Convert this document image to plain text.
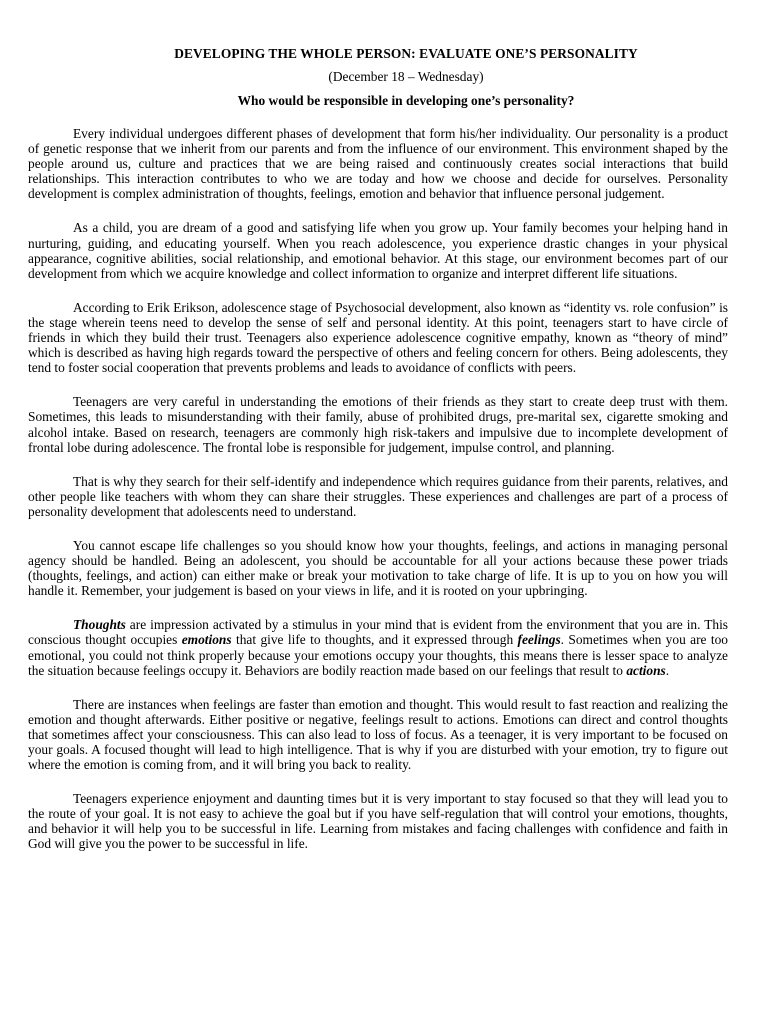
DEVELOPING THE WHOLE PERSON: EVALUATE ONE’S PERSONALITY
(December 18 – Wednesday)
Who would be responsible in developing one’s personality?

Every individual undergoes different phases of development that form his/her individuality. Our personality is a product of genetic response that we inherit from our parents and from the influence of our environment. This environment shaped by the people around us, culture and practices that we are being raised and continuously creates social interactions that build relationships. This interaction contributes to who we are today and how we choose and decide for ourselves. Personality development is complex administration of thoughts, feelings, emotion and behavior that influence personal judgement.

As a child, you are dream of a good and satisfying life when you grow up. Your family becomes your helping hand in nurturing, guiding, and educating yourself. When you reach adolescence, you experience drastic changes in your physical appearance, cognitive abilities, social relationship, and emotional behavior. At this stage, our environment becomes part of our development from which we acquire knowledge and collect information to organize and interpret different life situations.

According to Erik Erikson, adolescence stage of Psychosocial development, also known as “identity vs. role confusion” is the stage wherein teens need to develop the sense of self and personal identity. At this point, teenagers start to have circle of friends in which they build their trust. Teenagers also experience adolescence cognitive empathy, known as “theory of mind” which is described as having high regards toward the perspective of others and feeling concern for others. Being adolescents, they tend to foster social cooperation that prevents problems and leads to avoidance of conflicts with peers.

Teenagers are very careful in understanding the emotions of their friends as they start to create deep trust with them. Sometimes, this leads to misunderstanding with their family, abuse of prohibited drugs, pre-marital sex, cigarette smoking and alcohol intake. Based on research, teenagers are commonly high risk-takers and impulsive due to incomplete development of frontal lobe during adolescence. The frontal lobe is responsible for judgement, impulse control, and planning.

That is why they search for their self-identify and independence which requires guidance from their parents, relatives, and other people like teachers with whom they can share their struggles. These experiences and challenges are part of a process of personality development that adolescents need to understand.

You cannot escape life challenges so you should know how your thoughts, feelings, and actions in managing personal agency should be handled. Being an adolescent, you should be accountable for all your actions because these power triads (thoughts, feelings, and action) can either make or break your motivation to take charge of life. It is up to you on how you will handle it. Remember, your judgement is based on your views in life, and it is rooted on your upbringing.

Thoughts are impression activated by a stimulus in your mind that is evident from the environment that you are in. This conscious thought occupies emotions that give life to thoughts, and it expressed through feelings. Sometimes when you are too emotional, you could not think properly because your emotions occupy your thoughts, this means there is lesser space to analyze the situation because feelings occupy it. Behaviors are bodily reaction made based on our feelings that result to actions.

There are instances when feelings are faster than emotion and thought. This would result to fast reaction and realizing the emotion and thought afterwards. Either positive or negative, feelings result to actions. Emotions can direct and control thoughts that sometimes affect your consciousness. This can also lead to loss of focus. As a teenager, it is very important to be focused on your goals. A focused thought will lead to high intelligence. That is why if you are disturbed with your emotion, try to figure out where the emotion is coming from, and it will bring you back to reality.

Teenagers experience enjoyment and daunting times but it is very important to stay focused so that they will lead you to the route of your goal. It is not easy to achieve the goal but if you have self-regulation that will control your emotions, thoughts, and behavior it will help you to be successful in life. Learning from mistakes and facing challenges with confidence and faith in God will give you the power to be successful in life.
